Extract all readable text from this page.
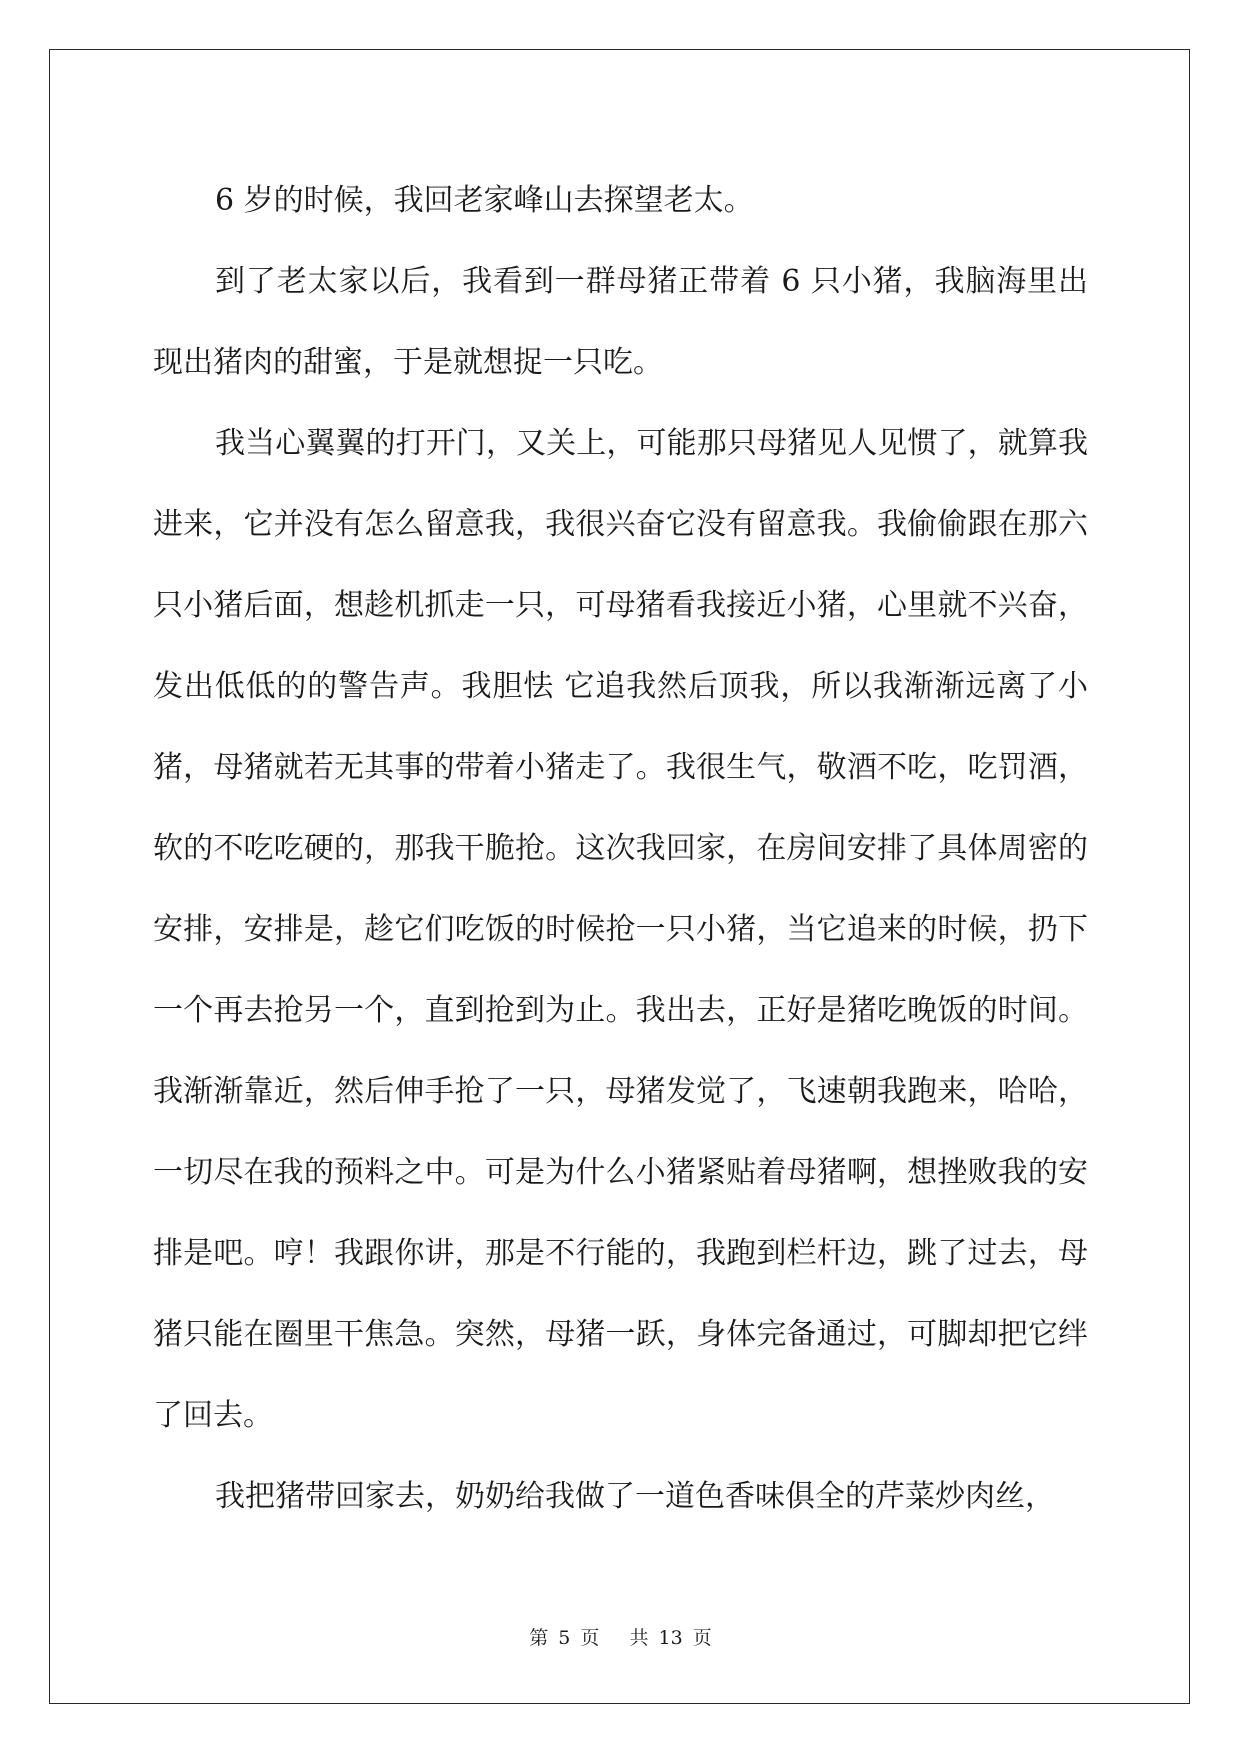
6 岁的时候，我回老家峰山去探望老太。

到了老太家以后，我看到一群母猪正带着 6 只小猪，我脑海里出现出猪肉的甜蜜，于是就想捉一只吃。

我当心翼翼的打开门，又关上，可能那只母猪见人见惯了，就算我进来，它并没有怎么留意我，我很兴奋它没有留意我。我偷偷跟在那六只小猪后面，想趁机抓走一只，可母猪看我接近小猪，心里就不兴奋，发出低低的的警告声。我胆怯 它追我然后顶我，所以我渐渐远离了小猪，母猪就若无其事的带着小猪走了。我很生气，敬酒不吃，吃罚酒，软的不吃吃硬的，那我干脆抢。这次我回家，在房间安排了具体周密的安排，安排是，趁它们吃饭的时候抢一只小猪，当它追来的时候，扔下一个再去抢另一个，直到抢到为止。我出去，正好是猪吃晚饭的时间。我渐渐靠近，然后伸手抢了一只，母猪发觉了，飞速朝我跑来，哈哈，一切尽在我的预料之中。可是为什么小猪紧贴着母猪啊，想挫败我的安排是吧。哼！我跟你讲，那是不行能的，我跑到栏杆边，跳了过去，母猪只能在圈里干焦急。突然，母猪一跃，身体完备通过，可脚却把它绊了回去。

我把猪带回家去，奶奶给我做了一道色香味俱全的芹菜炒肉丝，

第 5 页 共 13 页
